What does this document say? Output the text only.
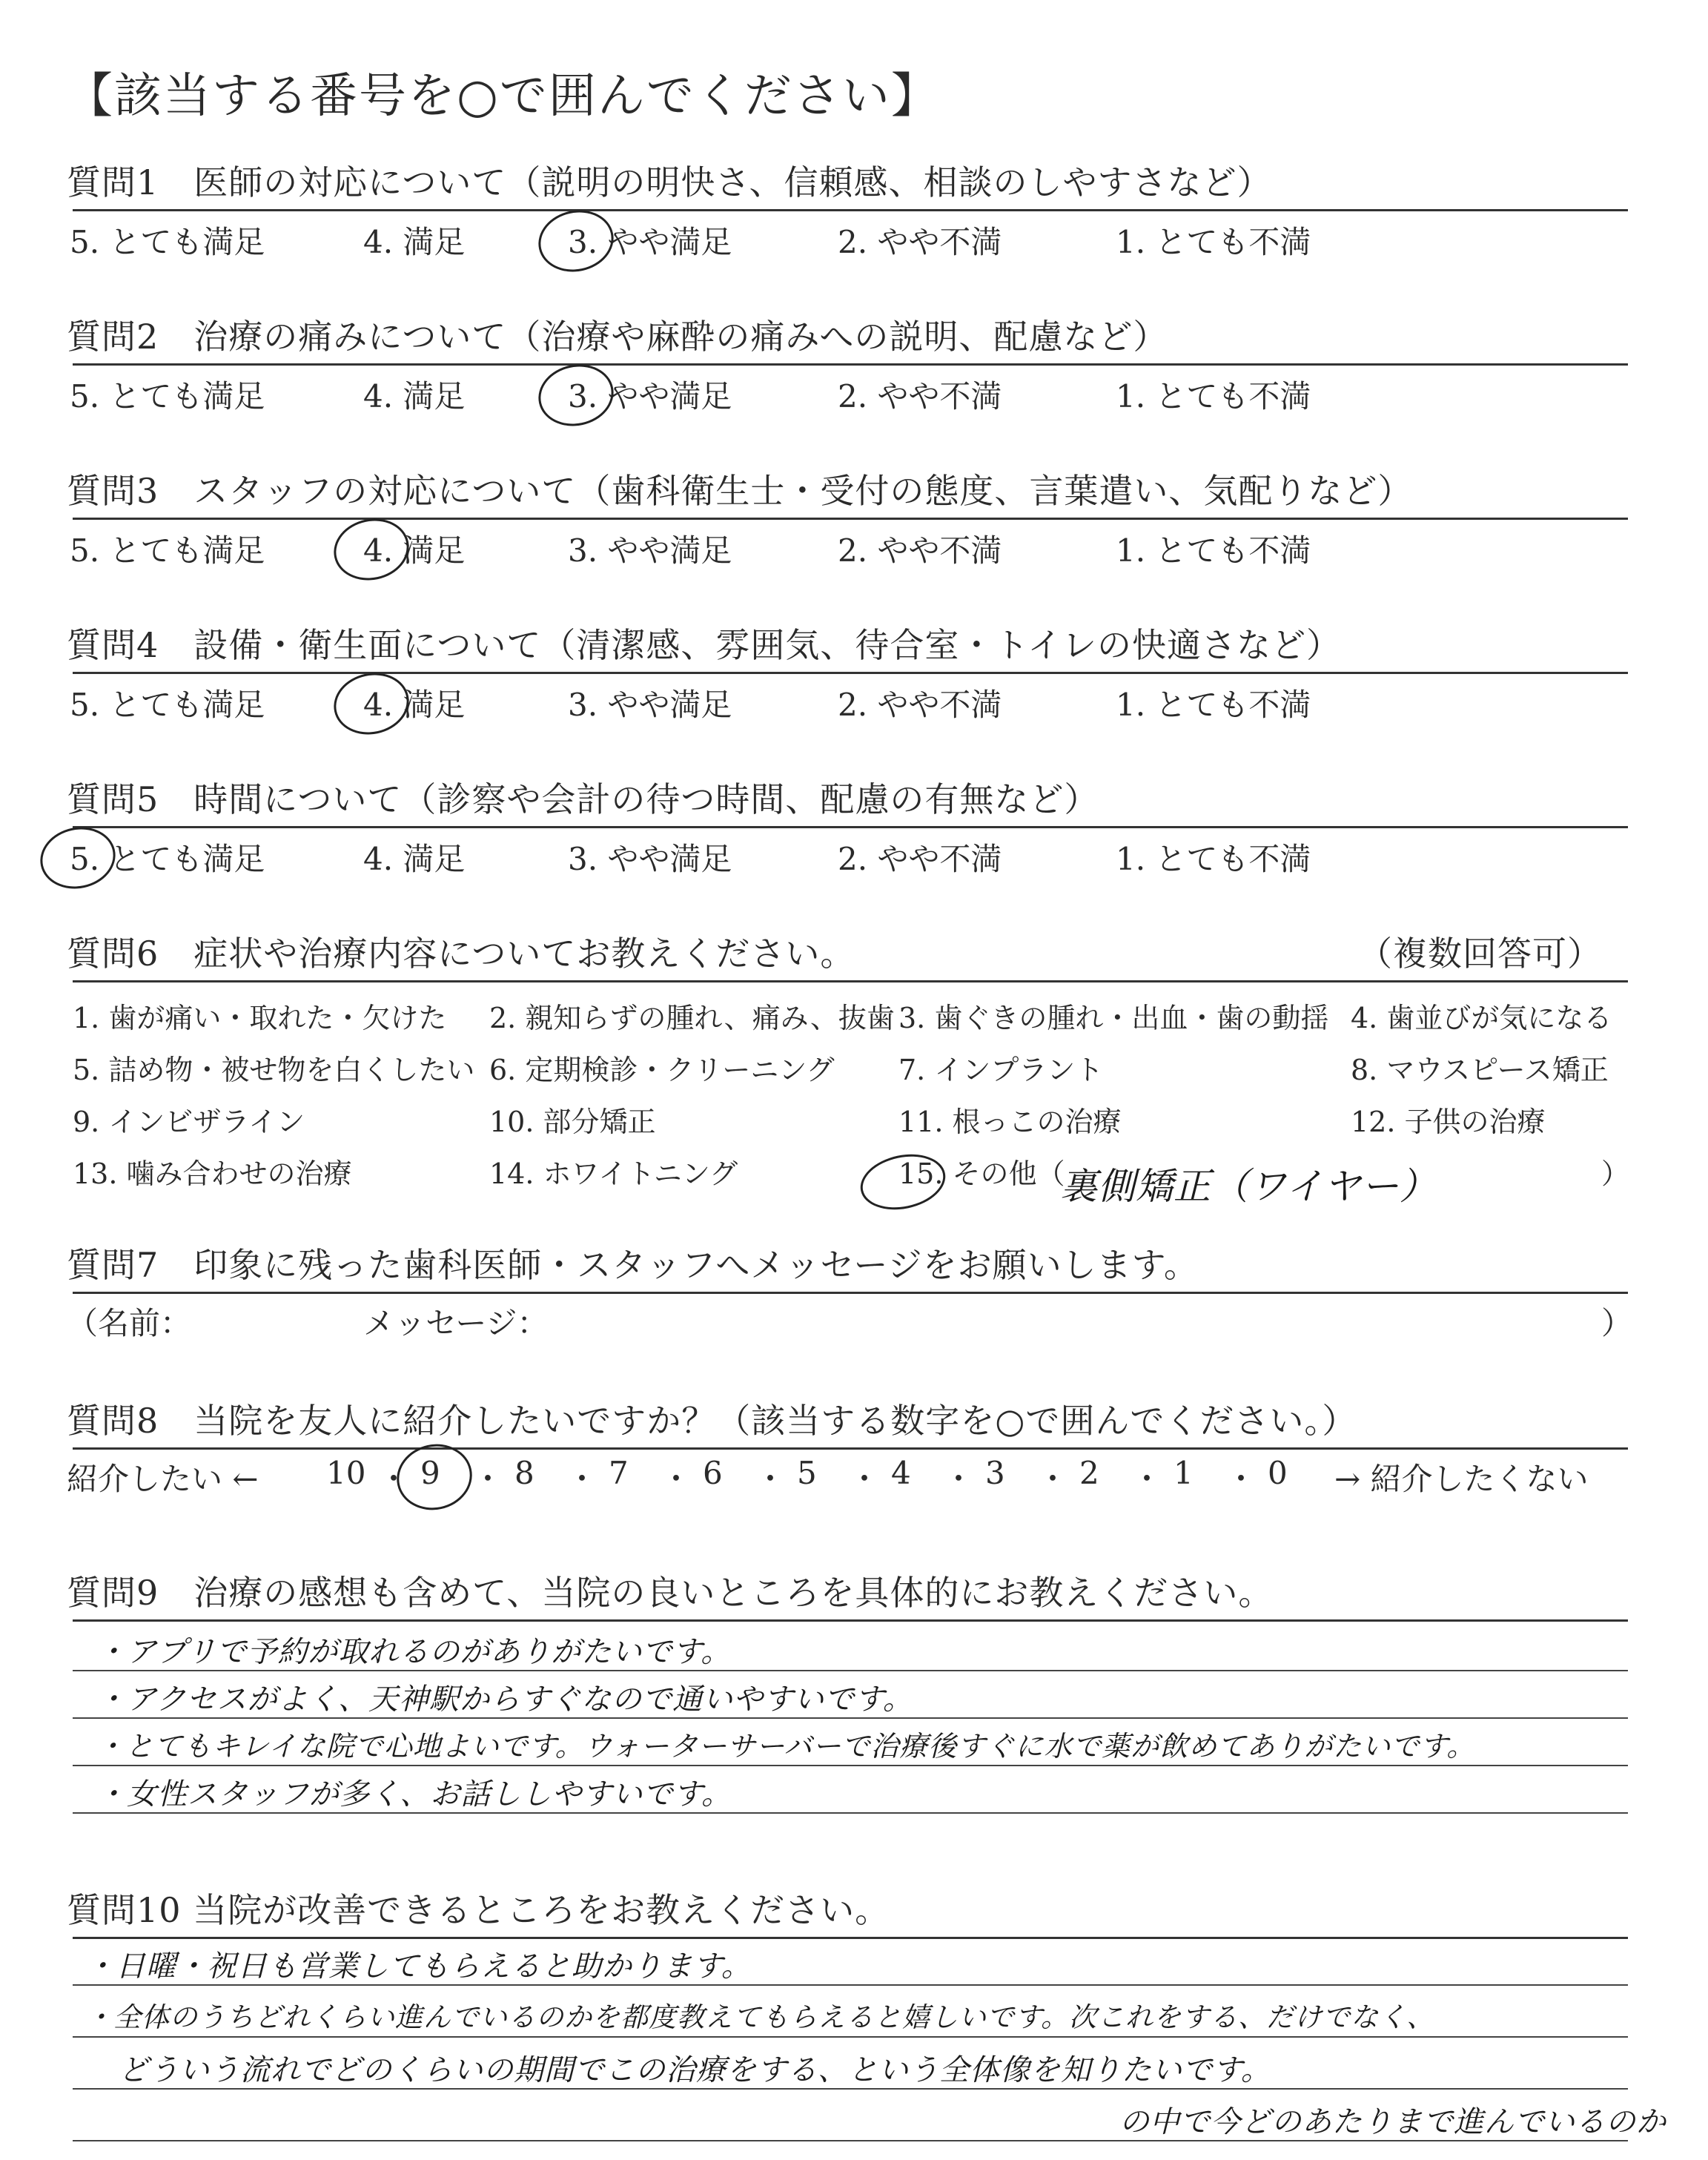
【該当する番号を○で囲んでください】
質問1　医師の対応について（説明の明快さ、信頼感、相談のしやすさなど）
5. とても満足	4. 満足	3. やや満足	2. やや不満	1. とても不満
質問2　治療の痛みについて（治療や麻酔の痛みへの説明、配慮など）
5. とても満足	4. 満足	3. やや満足	2. やや不満	1. とても不満
質問3　スタッフの対応について（歯科衛生士・受付の態度、言葉遣い、気配りなど）
5. とても満足	4. 満足	3. やや満足	2. やや不満	1. とても不満
質問4　設備・衛生面について（清潔感、雰囲気、待合室・トイレの快適さなど）
5. とても満足	4. 満足	3. やや満足	2. やや不満	1. とても不満
質問5　時間について（診察や会計の待つ時間、配慮の有無など）
5. とても満足	4. 満足	3. やや満足	2. やや不満	1. とても不満
質問6　症状や治療内容についてお教えください。	（複数回答可）
1. 歯が痛い・取れた・欠けた 2. 親知らずの腫れ、痛み、抜歯 3. 歯ぐきの腫れ・出血・歯の動揺 4. 歯並びが気になる
5. 詰め物・被せ物を白くしたい 6. 定期検診・クリーニング 7. インプラント	8. マウスピース矯正
9. インビザライン	10. 部分矯正	11. 根っこの治療	12. 子供の治療
13. 噛み合わせの治療	14. ホワイトニング	15. その他（	）
裏側矯正（ワイヤー）
質問7　印象に残った歯科医師・スタッフへメッセージをお願いします。
（名前：	メッセージ：	）
質問8　当院を友人に紹介したいですか？（該当する数字を○で囲んでください。）
紹介したい ←	→ 紹介したくない
10 ・ 9 ・ 8 ・ 7 ・ 6 ・ 5 ・ 4 ・ 3 ・ 2 ・ 1 ・ 0
質問9　治療の感想も含めて、当院の良いところを具体的にお教えください。
・アプリで予約が取れるのがありがたいです。
・アクセスがよく、天神駅からすぐなので通いやすいです。
・とてもキレイな院で心地よいです。ウォーターサーバーで治療後すぐに水で薬が飲めてありがたいです。
・女性スタッフが多く、お話ししやすいです。
質問10 当院が改善できるところをお教えください。
・日曜・祝日も営業してもらえると助かります。
・全体のうちどれくらい進んでいるのかを都度教えてもらえると嬉しいです。次これをする、だけでなく、
どういう流れでどのくらいの期間でこの治療をする、という全体像を知りたいです。
の中で今どのあたりまで進んでいるのか
